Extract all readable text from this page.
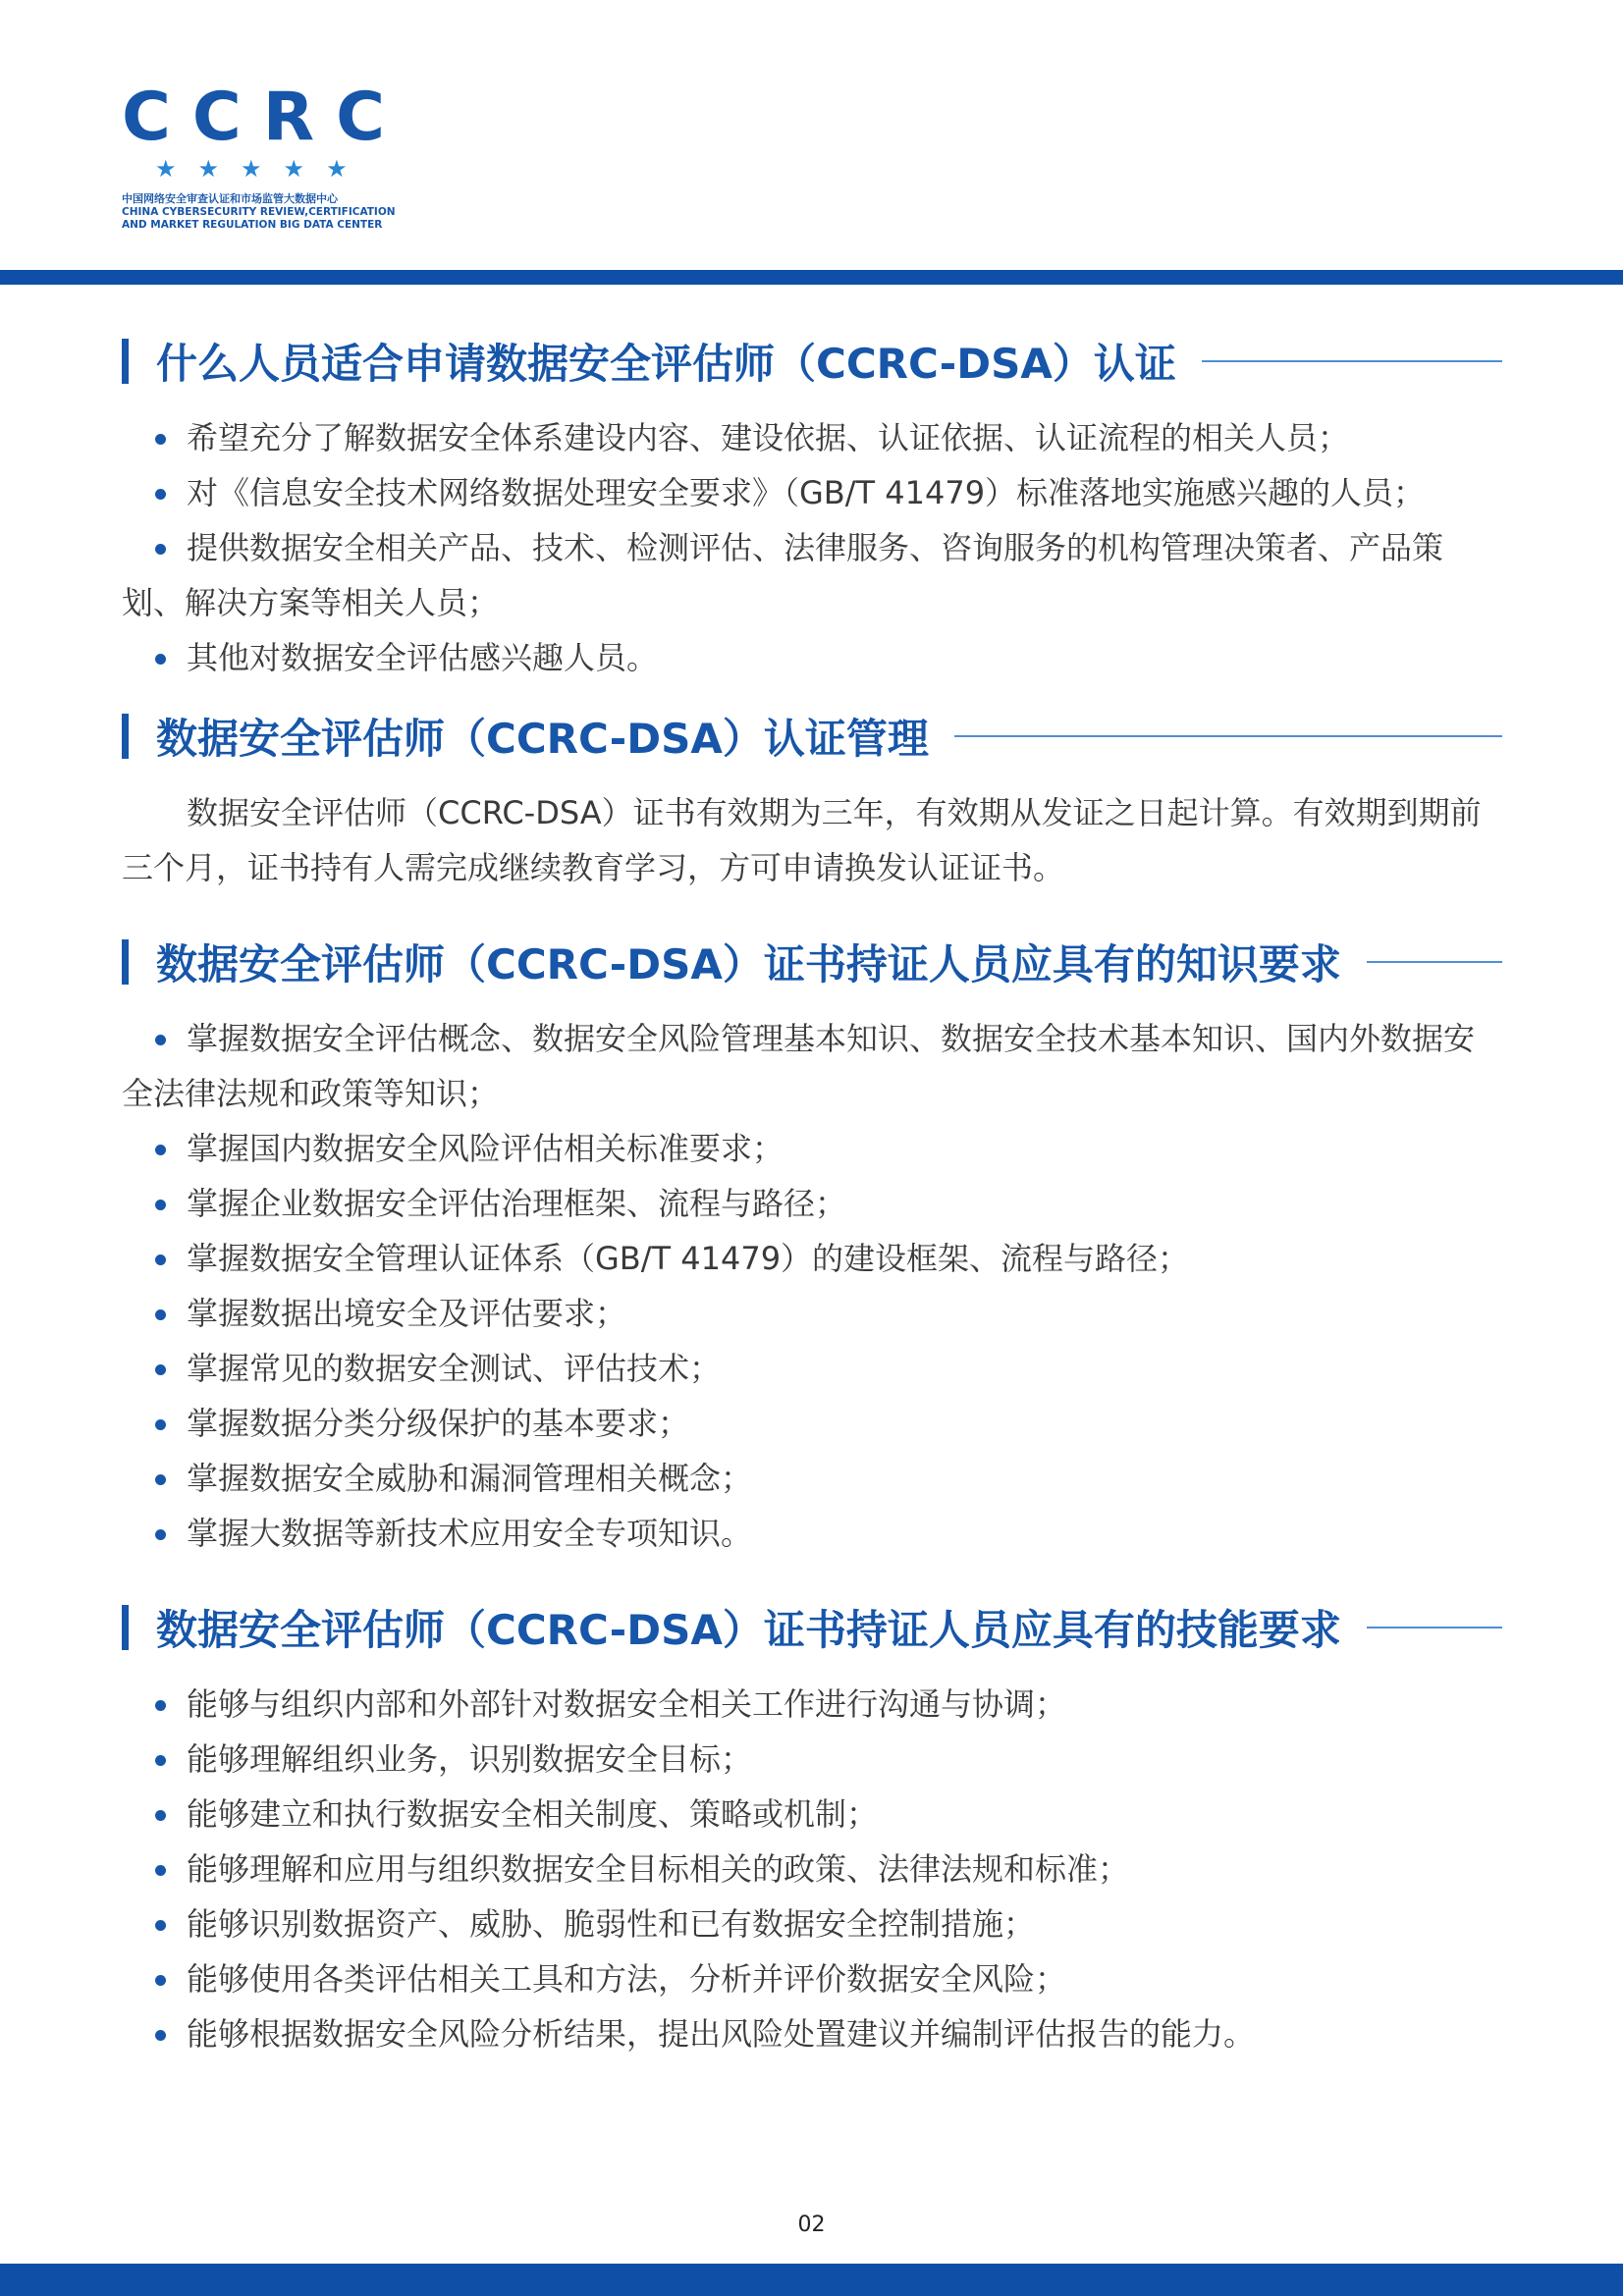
CCRC
★★★★★
中国网络安全审查认证和市场监管大数据中心
CHINA CYBERSECURITY REVIEW,CERTIFICATION
AND MARKET REGULATION BIG DATA CENTER
什么人员适合申请数据安全评估师（CCRC-DSA）认证
希望充分了解数据安全体系建设内容、建设依据、认证依据、认证流程的相关人员；
对《信息安全技术网络数据处理安全要求》（GB/T 41479）标准落地实施感兴趣的人员；
提供数据安全相关产品、技术、检测评估、法律服务、咨询服务的机构管理决策者、产品策划、解决方案等相关人员；
其他对数据安全评估感兴趣人员。
数据安全评估师（CCRC-DSA）认证管理

数据安全评估师（CCRC-DSA）证书有效期为三年，有效期从发证之日起计算。有效期到期前三个月，证书持有人需完成继续教育学习，方可申请换发认证证书。

数据安全评估师（CCRC-DSA）证书持证人员应具有的知识要求
掌握数据安全评估概念、数据安全风险管理基本知识、数据安全技术基本知识、国内外数据安全法律法规和政策等知识；
掌握国内数据安全风险评估相关标准要求；
掌握企业数据安全评估治理框架、流程与路径；
掌握数据安全管理认证体系（GB/T 41479）的建设框架、流程与路径；
掌握数据出境安全及评估要求；
掌握常见的数据安全测试、评估技术；
掌握数据分类分级保护的基本要求；
掌握数据安全威胁和漏洞管理相关概念；
掌握大数据等新技术应用安全专项知识。
数据安全评估师（CCRC-DSA）证书持证人员应具有的技能要求
能够与组织内部和外部针对数据安全相关工作进行沟通与协调；
能够理解组织业务，识别数据安全目标；
能够建立和执行数据安全相关制度、策略或机制；
能够理解和应用与组织数据安全目标相关的政策、法律法规和标准；
能够识别数据资产、威胁、脆弱性和已有数据安全控制措施；
能够使用各类评估相关工具和方法，分析并评价数据安全风险；
能够根据数据安全风险分析结果，提出风险处置建议并编制评估报告的能力。
02
